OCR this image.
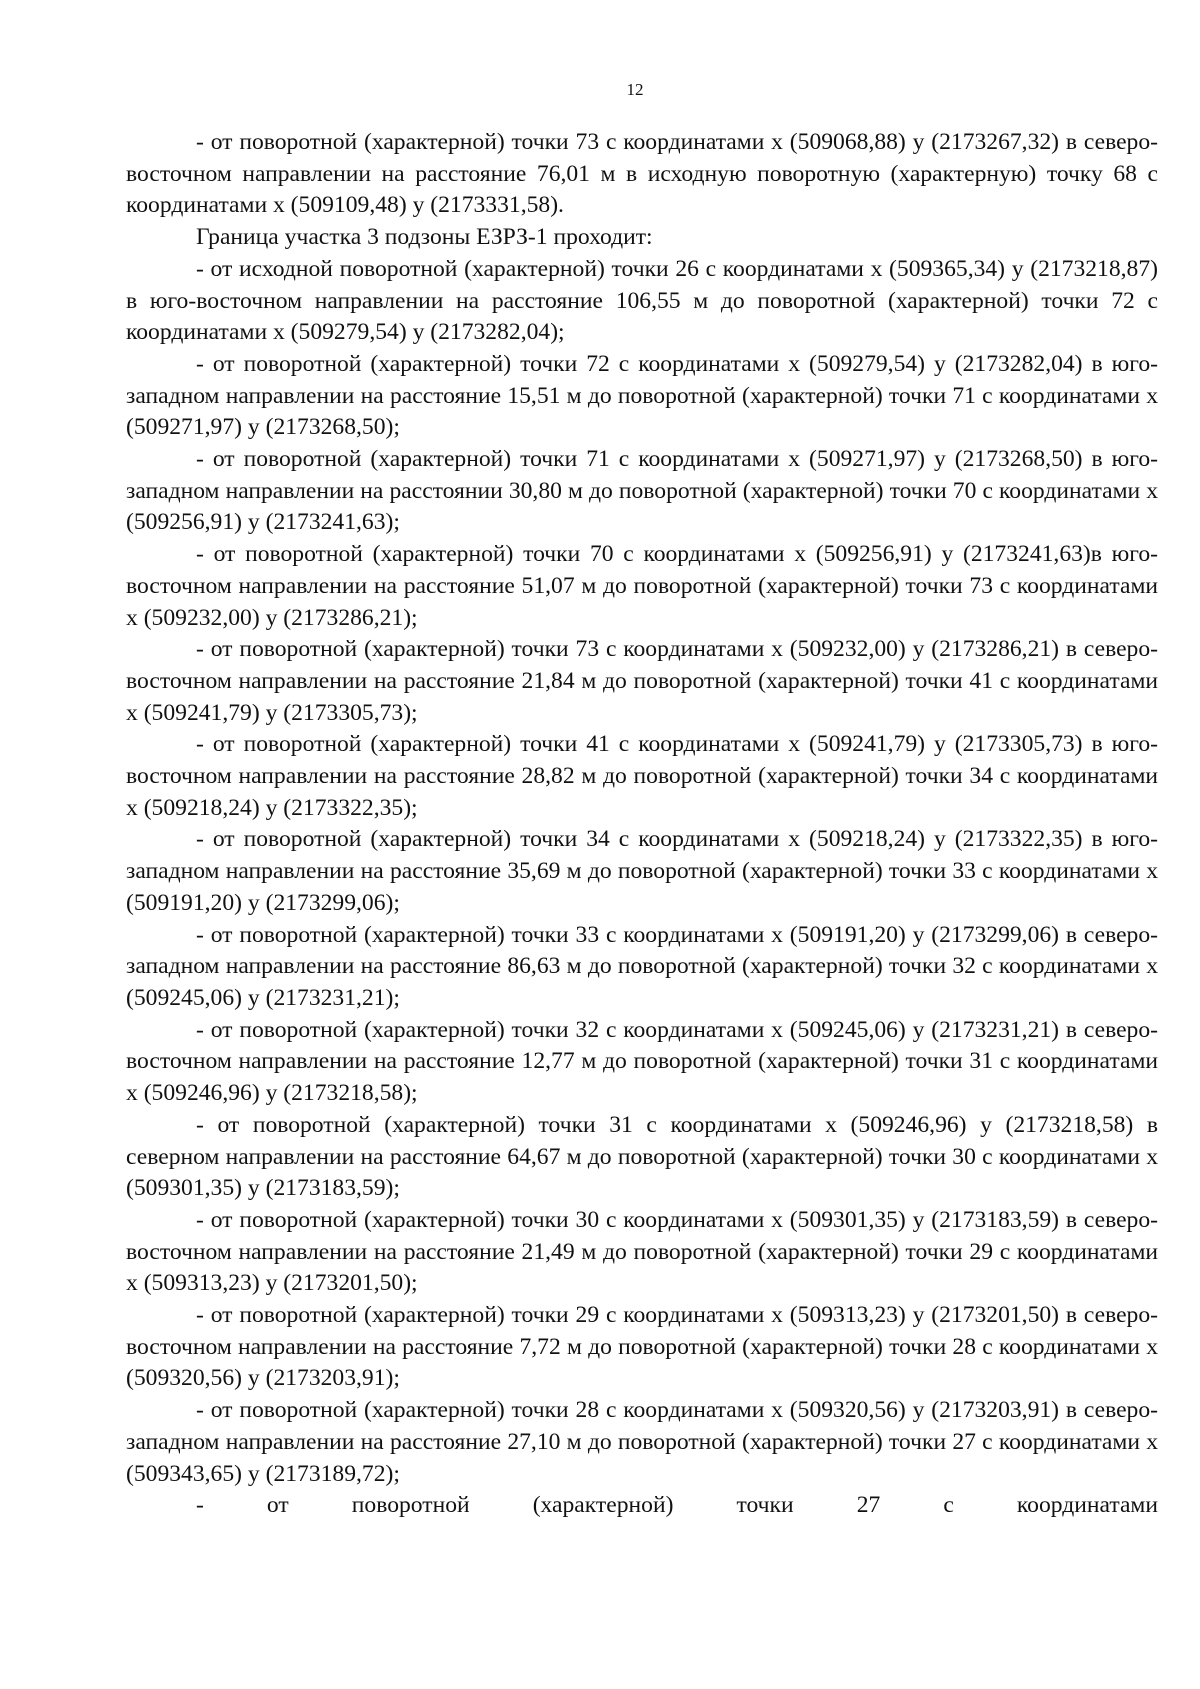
12

- от поворотной (характерной) точки 73 с координатами х (509068,88) у (2173267,32) в северо-восточном направлении на расстояние 76,01 м в исходную поворотную (характерную) точку 68 с координатами х (509109,48) у (2173331,58).

Граница участка 3 подзоны ЕЗРЗ-1 проходит:

- от исходной поворотной (характерной) точки 26 с координатами х (509365,34) у (2173218,87) в юго-восточном направлении на расстояние 106,55 м до поворотной (характерной) точки 72 с координатами х (509279,54) у (2173282,04);

- от поворотной (характерной) точки 72 с координатами х (509279,54) у (2173282,04) в юго-западном направлении на расстояние 15,51 м до поворотной (характерной) точки 71 с координатами х (509271,97) у (2173268,50);

- от поворотной (характерной) точки 71 с координатами х (509271,97) у (2173268,50) в юго-западном направлении на расстоянии 30,80 м до поворотной (характерной) точки 70 с координатами х (509256,91) у (2173241,63);

- от поворотной (характерной) точки 70 с координатами х (509256,91) у (2173241,63)в юго-восточном направлении на расстояние 51,07 м до поворотной (характерной) точки 73 с координатами х (509232,00) у (2173286,21);

- от поворотной (характерной) точки 73 с координатами х (509232,00) у (2173286,21) в северо-восточном направлении на расстояние 21,84 м до поворотной (характерной) точки 41 с координатами х (509241,79) у (2173305,73);

- от поворотной (характерной) точки 41 с координатами х (509241,79) у (2173305,73) в юго-восточном направлении на расстояние 28,82 м до поворотной (характерной) точки 34 с координатами х (509218,24) у (2173322,35);

- от поворотной (характерной) точки 34 с координатами х (509218,24) у (2173322,35) в юго-западном направлении на расстояние 35,69 м до поворотной (характерной) точки 33 с координатами х (509191,20) у (2173299,06);

- от поворотной (характерной) точки 33 с координатами х (509191,20) у (2173299,06) в северо-западном направлении на расстояние 86,63 м до поворотной (характерной) точки 32 с координатами х (509245,06) у (2173231,21);

- от поворотной (характерной) точки 32 с координатами х (509245,06) у (2173231,21) в северо-восточном направлении на расстояние 12,77 м до поворотной (характерной) точки 31 с координатами х (509246,96) у (2173218,58);

- от поворотной (характерной) точки 31 с координатами х (509246,96) у (2173218,58) в северном направлении на расстояние 64,67 м до поворотной (характерной) точки 30 с координатами х (509301,35) у (2173183,59);

- от поворотной (характерной) точки 30 с координатами х (509301,35) у (2173183,59) в северо-восточном направлении на расстояние 21,49 м до поворотной (характерной) точки 29 с координатами х (509313,23) у (2173201,50);

- от поворотной (характерной) точки 29 с координатами х (509313,23) у (2173201,50) в северо-восточном направлении на расстояние 7,72 м до поворотной (характерной) точки 28 с координатами х (509320,56) у (2173203,91);

- от поворотной (характерной) точки 28 с координатами х (509320,56) у (2173203,91) в северо-западном направлении на расстояние 27,10 м до поворотной (характерной) точки 27 с координатами х (509343,65) у (2173189,72);

- от поворотной (характерной) точки 27 с координатами
